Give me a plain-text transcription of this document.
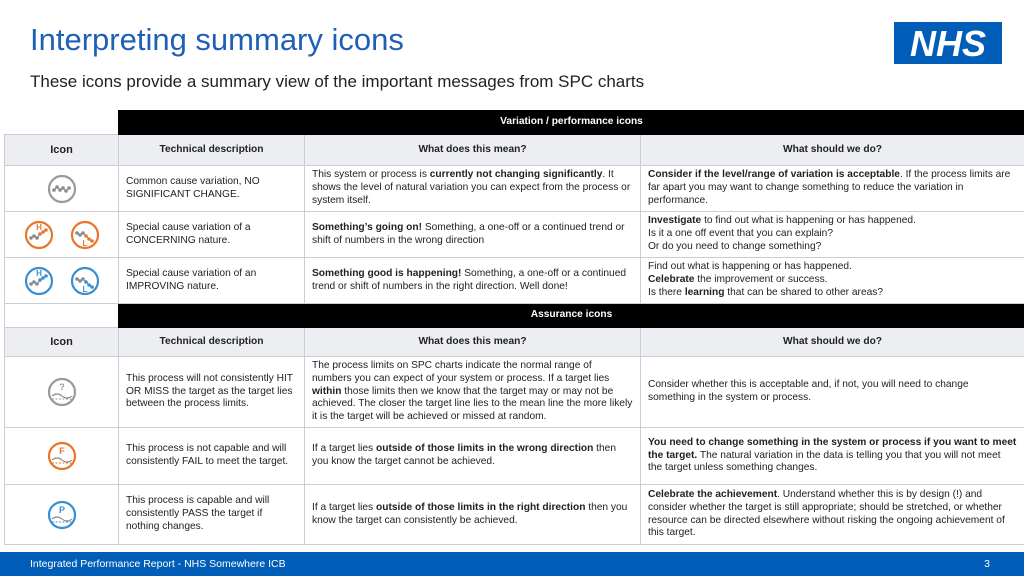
Interpreting summary icons
These icons provide a summary view of the important messages from SPC charts
NHS
	Variation / performance icons		
Icon	Technical description	What does this mean?	What should we do?

	Common cause variation, NO SIGNIFICANT CHANGE.	This system or process is currently not changing significantly. It shows the level of natural variation you can expect from the process or system itself.	Consider if the level/range of variation is acceptable. If the process limits are far apart you may want to change something to reduce the variation in performance.

H
L	Special cause variation of a CONCERNING nature.	Something’s going on! Something, a one-off or a continued trend or shift of numbers in the wrong direction	Investigate to find out what is happening or has happened.
Is it a one off event that you can explain?
Or do you need to change something?

H
L	Special cause variation of an IMPROVING nature.	Something good is happening! Something, a one-off or a continued trend or shift of numbers in the right direction. Well done!	Find out what is happening or has happened.
Celebrate the improvement or success.
Is there learning that can be shared to other areas?
	Assurance icons		
Icon	Technical description	What does this mean?	What should we do?

?	This process will not consistently HIT OR MISS the target as the target lies between the process limits.	The process limits on SPC charts indicate the normal range of numbers you can expect of your system or process. If a target lies within those limits then we know that the target may or may not be achieved. The closer the target line lies to the mean line the more likely it is the target will be achieved or missed at random.	Consider whether this is acceptable and, if not, you will need to change something in the system or process.

F	This process is not capable and will consistently FAIL to meet the target.	If a target lies outside of those limits in the wrong direction then you know the target cannot be achieved.	You need to change something in the system or process if you want to meet the target. The natural variation in the data is telling you that you will not meet the target unless something changes.

P	This process is capable and will consistently PASS the target if nothing changes.	If a target lies outside of those limits in the right direction then you know the target can consistently be achieved.	Celebrate the achievement. Understand whether this is by design (!) and consider whether the target is still appropriate; should be stretched, or whether resource can be directed elsewhere without risking the ongoing achievement of this target.
Integrated Performance Report - NHS Somewhere ICB	3
